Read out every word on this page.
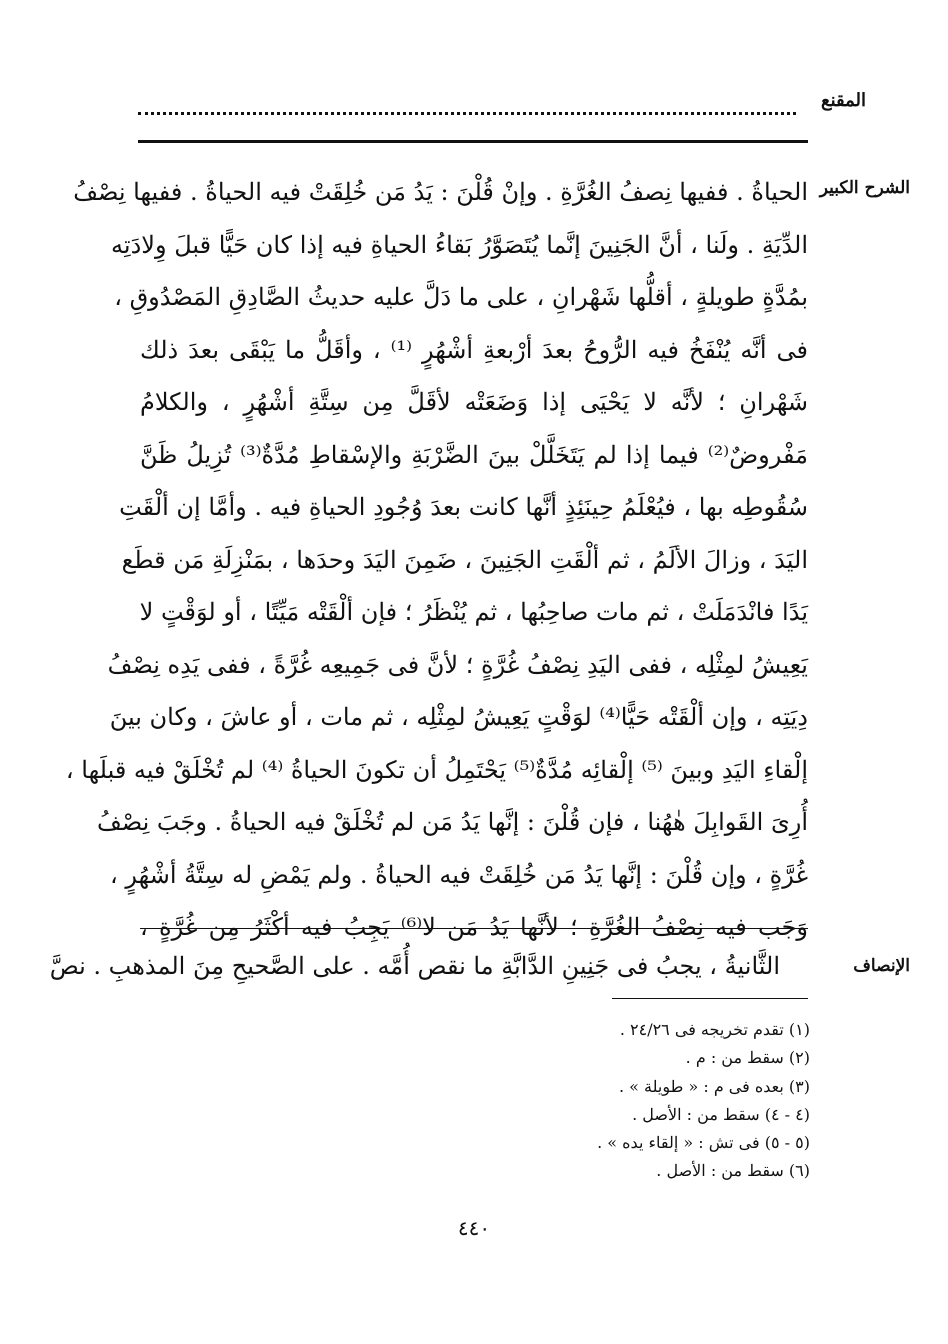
المقنع
الشرح الكبير
الحياةُ . ففيها نِصفُ الغُرَّةِ . وإنْ قُلْنَ : يَدُ مَن خُلِقَتْ فيه الحياةُ . ففيها نِصْفُ
الدِّيَةِ . ولَنا ، أنَّ الجَنِينَ إنَّما يُتَصَوَّرُ بَقاءُ الحياةِ فيه إذا كان حَيًّا قبلَ وِلادَتِه
بمُدَّةٍ طويلةٍ ، أقلُّها شَهْرانِ ، على ما دَلَّ عليه حديثُ الصَّادِقِ المَصْدُوقِ ،
فى أنَّه يُنْفَخُ فيه الرُّوحُ بعدَ أرْبعةِ أشْهُرٍ ⁽¹⁾ ، وأقَلُّ ما يَبْقَى بعدَ ذلك
شَهْرانِ ؛ لأنَّه لا يَحْيَى إذا وَضَعَتْه لأقَلَّ مِن سِتَّةِ أشْهُرٍ ، والكلامُ
مَفْروضٌ⁽²⁾ فيما إذا لم يَتَخَلَّلْ بينَ الضَّرْبَةِ والإسْقاطِ مُدَّةٌ⁽³⁾ تُزِيلُ ظَنَّ
سُقُوطِه بها ، فيُعْلَمُ حِينَئِذٍ أنَّها كانت بعدَ وُجُودِ الحياةِ فيه . وأمَّا إن ألْقَتِ
اليَدَ ، وزالَ الألَمُ ، ثم ألْقَتِ الجَنِينَ ، ضَمِنَ اليَدَ وحدَها ، بمَنْزِلَةِ مَن قطَع
يَدًا فانْدَمَلَتْ ، ثم مات صاحِبُها ، ثم يُنْظَرُ ؛ فإن ألْقَتْه مَيِّتًا ، أو لوَقْتٍ لا
يَعِيشُ لمِثْلِه ، ففى اليَدِ نِصْفُ غُرَّةٍ ؛ لأنَّ فى جَمِيعِه غُرَّةً ، ففى يَدِه نِصْفُ
دِيَتِه ، وإن ألْقَتْه حَيًّا⁽⁴⁾ لوَقْتٍ يَعِيشُ لمِثْلِه ، ثم مات ، أو عاشَ ، وكان بينَ
إلْقاءِ اليَدِ وبينَ ⁽⁵⁾ إلْقائِه مُدَّةٌ⁽⁵⁾ يَحْتَمِلُ أن تكونَ الحياةُ ⁽⁴⁾ لم تُخْلَقْ فيه قبلَها ،
أُرِىَ القَوابِلَ هٰهُنا ، فإن قُلْنَ : إنَّها يَدُ مَن لم تُخْلَقْ فيه الحياةُ . وجَبَ نِصْفُ
غُرَّةٍ ، وإن قُلْنَ : إنَّها يَدُ مَن خُلِقَتْ فيه الحياةُ . ولم يَمْضِ له سِتَّةُ أشْهُرٍ ،
وَجَب فيه نِصْفُ الغُرَّةِ ؛ لأنَّها يَدُ مَن لا⁽⁶⁾ يَجِبُ فيه أكْثَرُ مِن غُرَّةٍ ،
الإنصاف
الثَّانيةُ ، يجبُ فى جَنِينِ الدَّابَّةِ ما نقص أُمَّه . على الصَّحيحِ مِنَ المذهبِ . نصَّ
(١) تقدم تخريجه فى ٢٤/٢٦ .
(٢) سقط من : م .
(٣) بعده فى م : « طويلة » .
(٤ - ٤) سقط من : الأصل .
(٥ - ٥) فى تش : « إلقاء يده » .
(٦) سقط من : الأصل .
٤٤٠
